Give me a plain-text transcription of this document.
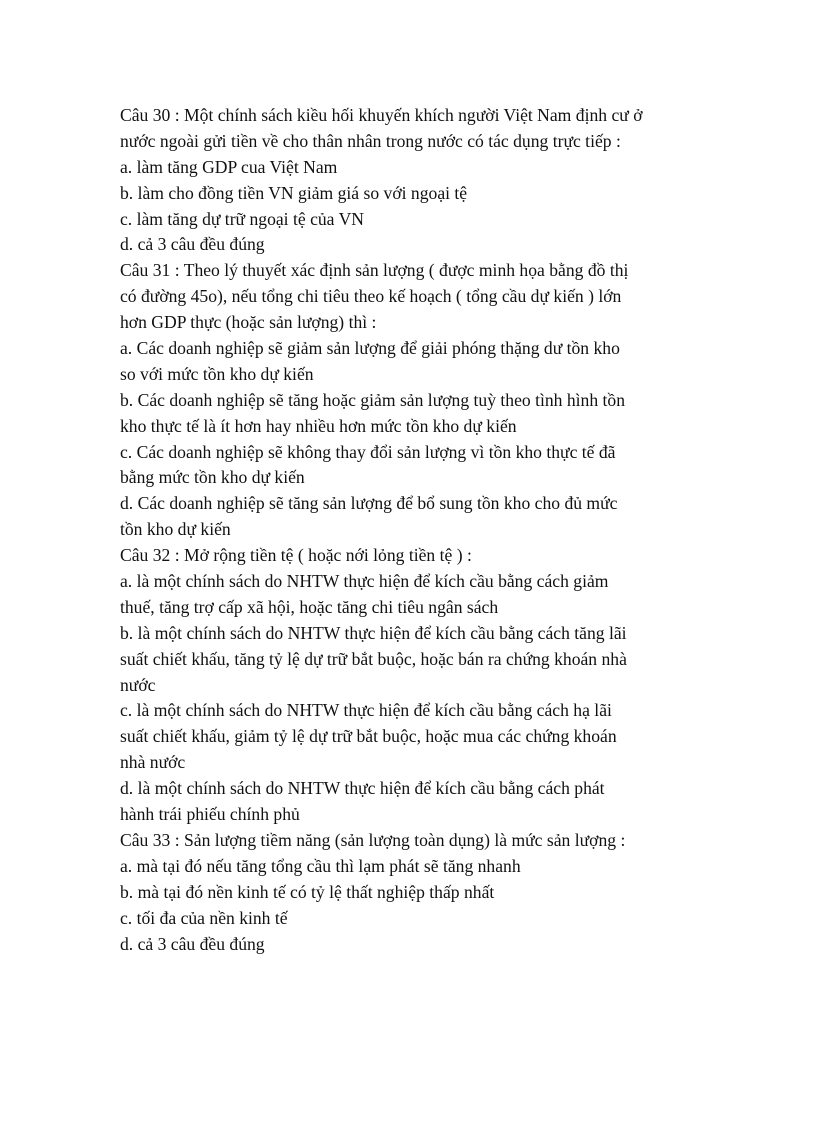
Câu 30 : Một chính sách kiều hối khuyến khích người Việt Nam định cư ở
nước ngoài gửi tiền về cho thân nhân trong nước có tác dụng trực tiếp :
a. làm tăng GDP cua Việt Nam
b. làm cho đồng tiền VN giảm giá so với ngoại tệ
c. làm tăng dự trữ ngoại tệ của VN
d. cả 3 câu đều đúng
Câu 31 : Theo lý thuyết xác định sản lượng ( được minh họa bằng đồ thị
có đường 45o), nếu tổng chi tiêu theo kế hoạch ( tổng cầu dự kiến ) lớn
hơn GDP thực (hoặc sản lượng) thì :
a. Các doanh nghiệp sẽ giảm sản lượng để giải phóng thặng dư tồn kho
so với mức tồn kho dự kiến
b. Các doanh nghiệp sẽ tăng hoặc giảm sản lượng tuỳ theo tình hình tồn
kho thực tế là ít hơn hay nhiều hơn mức tồn kho dự kiến
c. Các doanh nghiệp sẽ không thay đổi sản lượng vì tồn kho thực tế đã
bằng mức tồn kho dự kiến
d. Các doanh nghiệp sẽ tăng sản lượng để bổ sung tồn kho cho đủ mức
tồn kho dự kiến
Câu 32 : Mở rộng tiền tệ ( hoặc nới lỏng tiền tệ ) :
a. là một chính sách do NHTW thực hiện để kích cầu bằng cách giảm
thuế, tăng trợ cấp xã hội, hoặc tăng chi tiêu ngân sách
b. là một chính sách do NHTW thực hiện để kích cầu bằng cách tăng lãi
suất chiết khấu, tăng tỷ lệ dự trữ bắt buộc, hoặc bán ra chứng khoán nhà
nước
c. là một chính sách do NHTW thực hiện để kích cầu bằng cách hạ lãi
suất chiết khấu, giảm tỷ lệ dự trữ bắt buộc, hoặc mua các chứng khoán
nhà nước
d. là một chính sách do NHTW thực hiện để kích cầu bằng cách phát
hành trái phiếu chính phủ
Câu 33 : Sản lượng tiềm năng (sản lượng toàn dụng) là mức sản lượng :
a. mà tại đó nếu tăng tổng cầu thì lạm phát sẽ tăng nhanh
b. mà tại đó nền kinh tế có tỷ lệ thất nghiệp thấp nhất
c. tối đa của nền kinh tế
d. cả 3 câu đều đúng
